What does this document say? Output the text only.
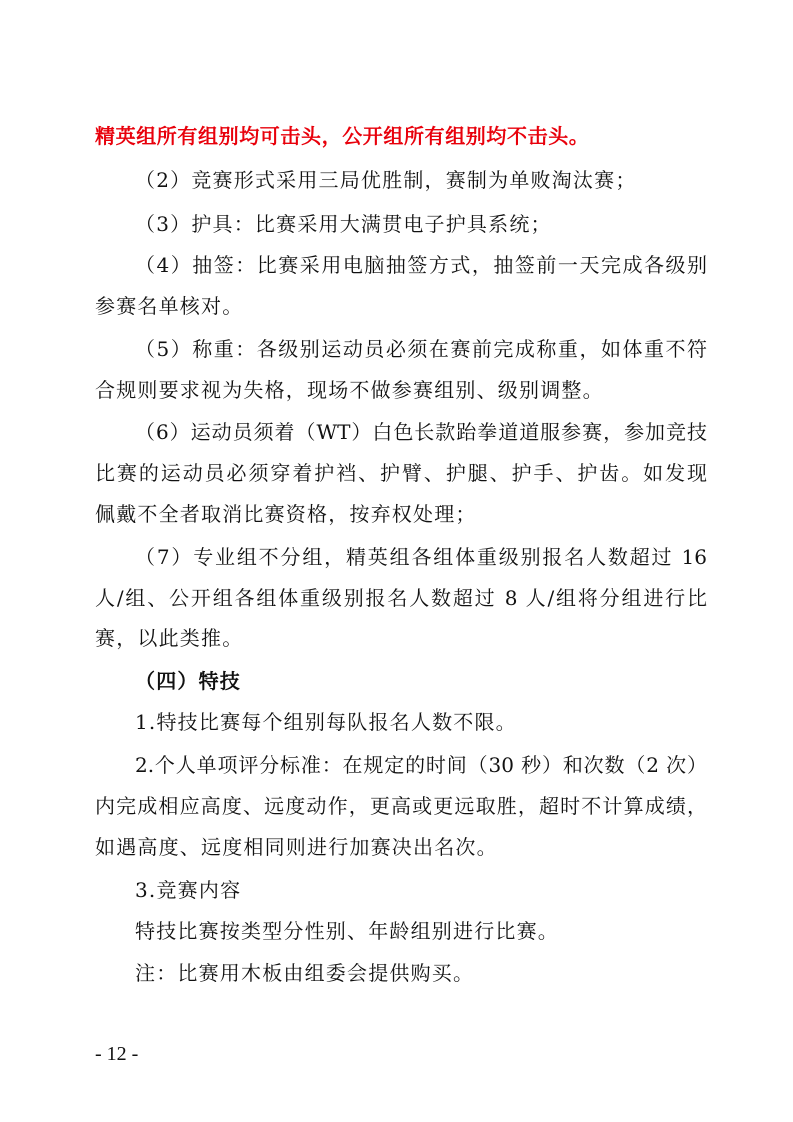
精英组所有组别均可击头，公开组所有组别均不击头。
（2）竞赛形式采用三局优胜制，赛制为单败淘汰赛；
（3）护具：比赛采用大满贯电子护具系统；
（4）抽签：比赛采用电脑抽签方式，抽签前一天完成各级别
参赛名单核对。
（5）称重：各级别运动员必须在赛前完成称重，如体重不符
合规则要求视为失格，现场不做参赛组别、级别调整。
（6）运动员须着（WT）白色长款跆拳道道服参赛，参加竞技
比赛的运动员必须穿着护裆、护臂、护腿、护手、护齿。如发现
佩戴不全者取消比赛资格，按弃权处理；
（7）专业组不分组，精英组各组体重级别报名人数超过 16
人/组、公开组各组体重级别报名人数超过 8 人/组将分组进行比
赛，以此类推。
（四）特技
1.特技比赛每个组别每队报名人数不限。
2.个人单项评分标准：在规定的时间（30 秒）和次数（2 次）
内完成相应高度、远度动作，更高或更远取胜，超时不计算成绩，
如遇高度、远度相同则进行加赛决出名次。
3.竞赛内容
特技比赛按类型分性别、年龄组别进行比赛。
注：比赛用木板由组委会提供购买。
- 12 -
